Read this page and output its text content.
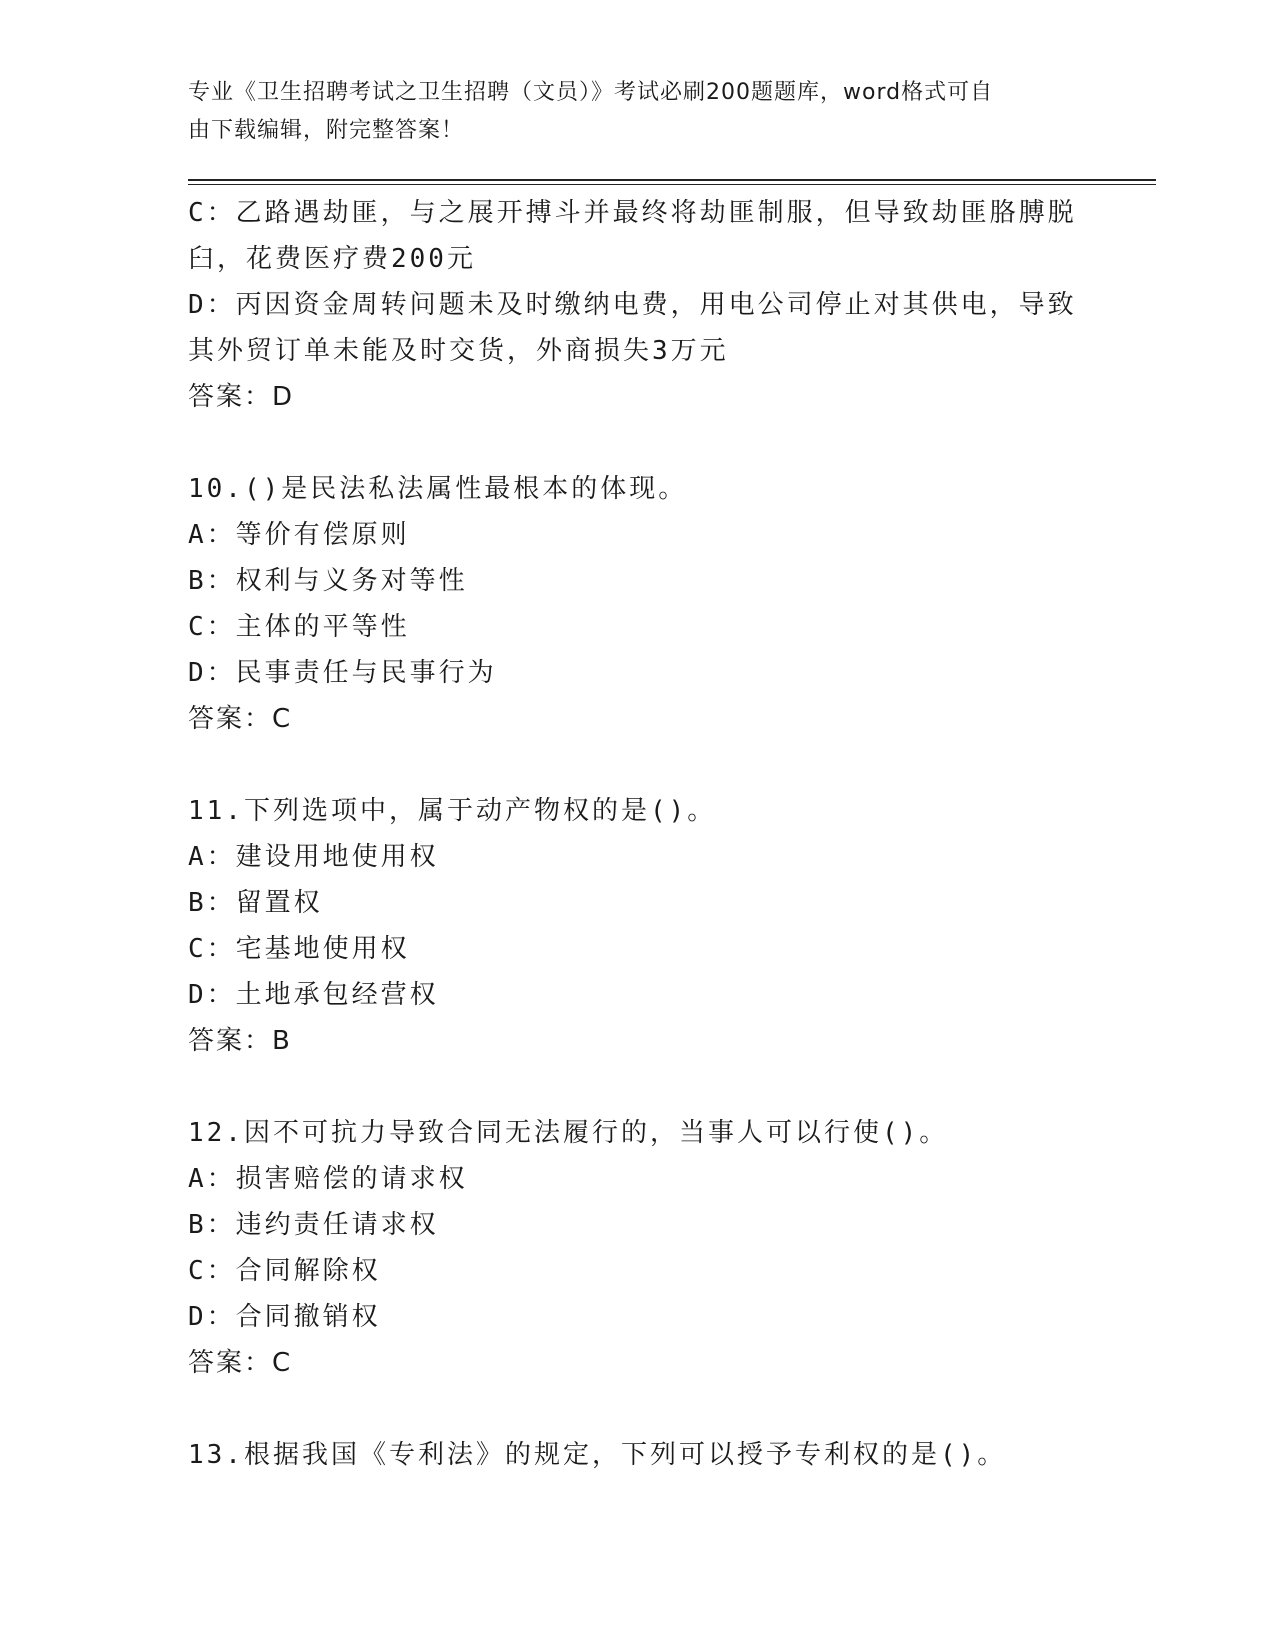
专业《卫生招聘考试之卫生招聘（文员）》考试必刷200题题库，word格式可自
由下载编辑，附完整答案！
C：乙路遇劫匪，与之展开搏斗并最终将劫匪制服，但导致劫匪胳膊脱
臼，花费医疗费200元
D：丙因资金周转问题未及时缴纳电费，用电公司停止对其供电，导致
其外贸订单未能及时交货，外商损失3万元
答案：D
10.()是民法私法属性最根本的体现。
A：等价有偿原则
B：权利与义务对等性
C：主体的平等性
D：民事责任与民事行为
答案：C
11.下列选项中，属于动产物权的是()。
A：建设用地使用权
B：留置权
C：宅基地使用权
D：土地承包经营权
答案：B
12.因不可抗力导致合同无法履行的，当事人可以行使()。
A：损害赔偿的请求权
B：违约责任请求权
C：合同解除权
D：合同撤销权
答案：C
13.根据我国《专利法》的规定，下列可以授予专利权的是()。
